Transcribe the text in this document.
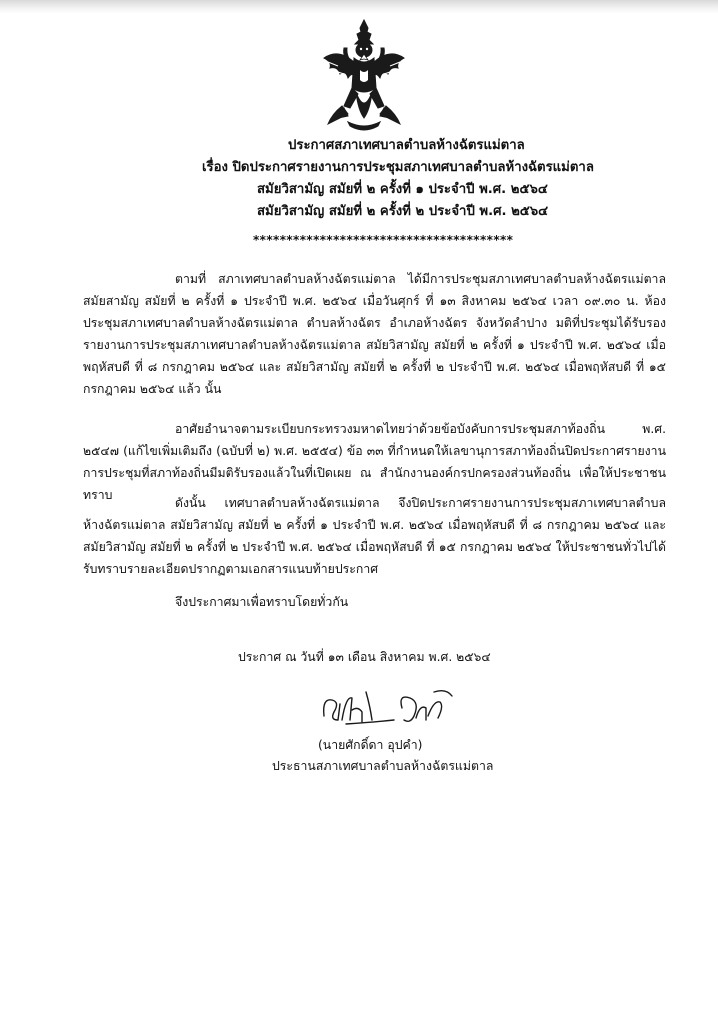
ประกาศสภาเทศบาลตำบลห้างฉัตรแม่ตาล
เรื่อง ปิดประกาศรายงานการประชุมสภาเทศบาลตำบลห้างฉัตรแม่ตาล
สมัยวิสามัญ สมัยที่ ๒ ครั้งที่ ๑ ประจำปี พ.ศ. ๒๕๖๔
สมัยวิสามัญ สมัยที่ ๒ ครั้งที่ ๒ ประจำปี พ.ศ. ๒๕๖๔
***************************************
ตามที่ สภาเทศบาลตำบลห้างฉัตรแม่ตาล ได้มีการประชุมสภาเทศบาลตำบลห้างฉัตรแม่ตาล สมัยสามัญ สมัยที่ ๒ ครั้งที่ ๑ ประจำปี พ.ศ. ๒๕๖๔ เมื่อวันศุกร์ ที่ ๑๓ สิงหาคม ๒๕๖๔ เวลา ๐๙.๓๐ น. ห้องประชุมสภาเทศบาลตำบลห้างฉัตรแม่ตาล ตำบลห้างฉัตร อำเภอห้างฉัตร จังหวัดลำปาง มติที่ประชุมได้รับรองรายงานการประชุมสภาเทศบาลตำบลห้างฉัตรแม่ตาล สมัยวิสามัญ สมัยที่ ๒ ครั้งที่ ๑ ประจำปี พ.ศ. ๒๕๖๔ เมื่อพฤหัสบดี ที่ ๘ กรกฎาคม ๒๕๖๔ และ สมัยวิสามัญ สมัยที่ ๒ ครั้งที่ ๒ ประจำปี พ.ศ. ๒๕๖๔ เมื่อพฤหัสบดี ที่ ๑๕ กรกฎาคม ๒๕๖๔ แล้ว นั้น
อาศัยอำนาจตามระเบียบกระทรวงมหาดไทยว่าด้วยข้อบังคับการประชุมสภาท้องถิ่น พ.ศ. ๒๕๔๗ (แก้ไขเพิ่มเติมถึง (ฉบับที่ ๒) พ.ศ. ๒๕๕๔) ข้อ ๓๓ ที่กำหนดให้เลขานุการสภาท้องถิ่นปิดประกาศรายงานการประชุมที่สภาท้องถิ่นมีมติรับรองแล้วในที่เปิดเผย ณ สำนักงานองค์กรปกครองส่วนท้องถิ่น เพื่อให้ประชาชนทราบ
ดังนั้น เทศบาลตำบลห้างฉัตรแม่ตาล จึงปิดประกาศรายงานการประชุมสภาเทศบาลตำบลห้างฉัตรแม่ตาล สมัยวิสามัญ สมัยที่ ๒ ครั้งที่ ๑ ประจำปี พ.ศ. ๒๕๖๔ เมื่อพฤหัสบดี ที่ ๘ กรกฎาคม ๒๕๖๔ และ สมัยวิสามัญ สมัยที่ ๒ ครั้งที่ ๒ ประจำปี พ.ศ. ๒๕๖๔ เมื่อพฤหัสบดี ที่ ๑๕ กรกฎาคม ๒๕๖๔ ให้ประชาชนทั่วไปได้รับทราบรายละเอียดปรากฏตามเอกสารแนบท้ายประกาศ
จึงประกาศมาเพื่อทราบโดยทั่วกัน
ประกาศ ณ วันที่ ๑๓ เดือน สิงหาคม พ.ศ. ๒๕๖๔
(นายศักดิ์ดา อุปคำ)
ประธานสภาเทศบาลตำบลห้างฉัตรแม่ตาล
